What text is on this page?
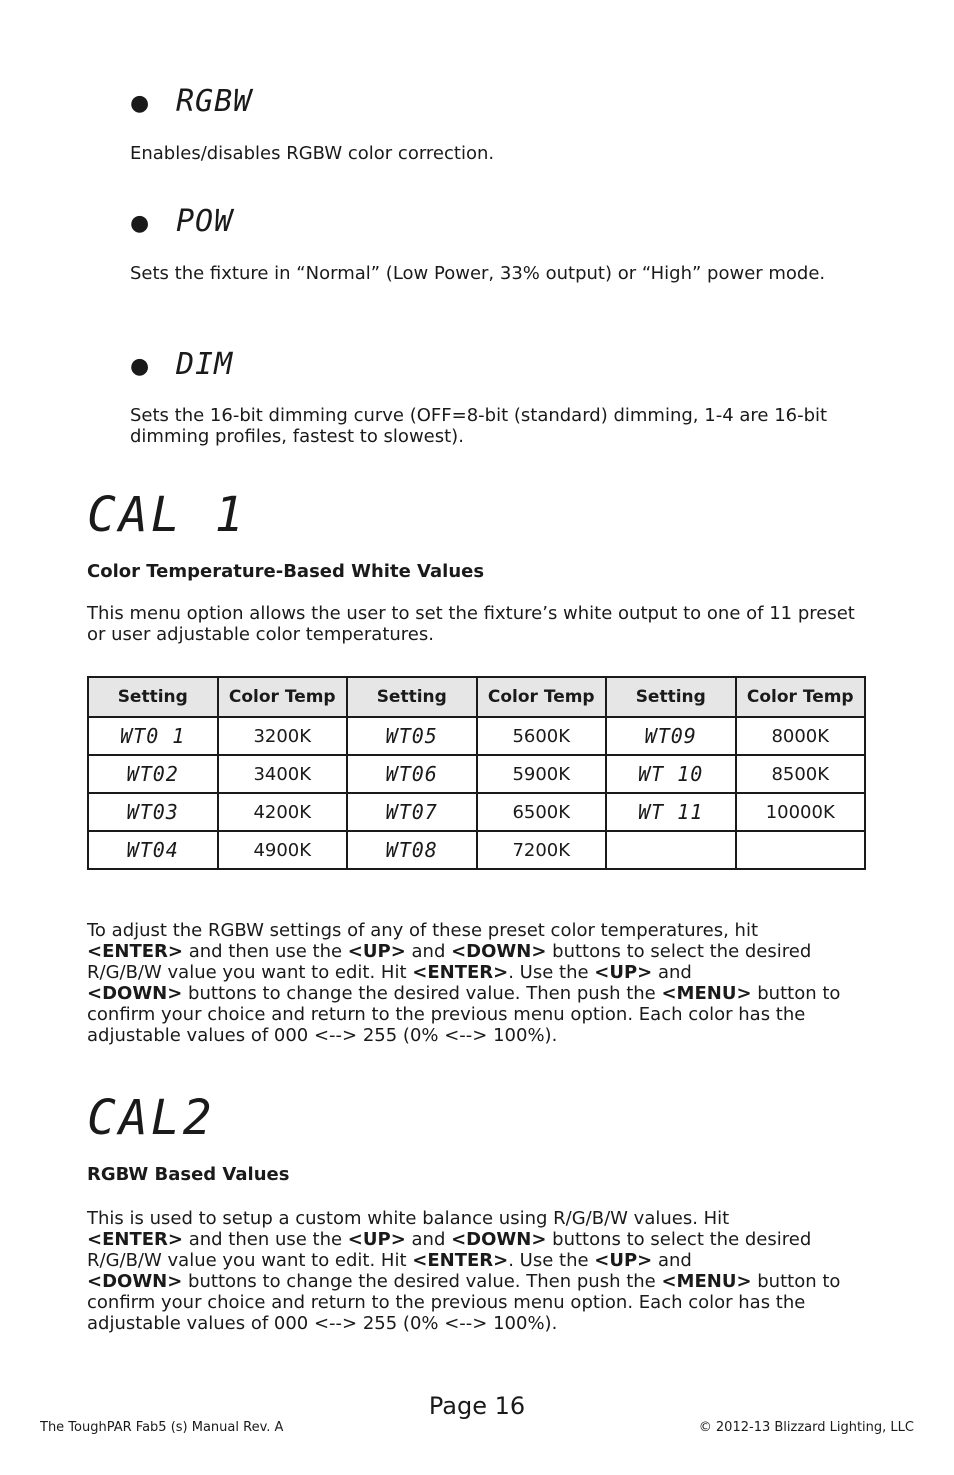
● RGBW

Enables/disables RGBW color correction.

● POW

Sets the fixture in “Normal” (Low Power, 33% output) or “High” power mode.

● DIM

Sets the 16-bit dimming curve (OFF=8-bit (standard) dimming, 1-4 are 16-bit dimming profiles, fastest to slowest).

CAL 1
Color Temperature-Based White Values

This menu option allows the user to set the fixture’s white output to one of 11 preset or user adjustable color temperatures.

Setting	Color Temp	Setting	Color Temp	Setting	Color Temp
WT0 1	3200K	WT05	5600K	WT09	8000K
WT02	3400K	WT06	5900K	WT 10	8500K
WT03	4200K	WT07	6500K	WT 11	10000K
WT04	4900K	WT08	7200K		

To adjust the RGBW settings of any of these preset color temperatures, hit
<ENTER> and then use the <UP> and <DOWN> buttons to select the desired R/G/B/W value you want to edit. Hit <ENTER>. Use the <UP> and
<DOWN> buttons to change the desired value. Then push the <MENU> button to confirm your choice and return to the previous menu option. Each color has the adjustable values of 000 <--> 255 (0% <--> 100%).

CAL2
RGBW Based Values

This is used to setup a custom white balance using R/G/B/W values. Hit
<ENTER> and then use the <UP> and <DOWN> buttons to select the desired R/G/B/W value you want to edit. Hit <ENTER>. Use the <UP> and
<DOWN> buttons to change the desired value. Then push the <MENU> button to confirm your choice and return to the previous menu option. Each color has the adjustable values of 000 <--> 255 (0% <--> 100%).

Page 16
The ToughPAR Fab5 (s) Manual Rev. A	© 2012-13 Blizzard Lighting, LLC
